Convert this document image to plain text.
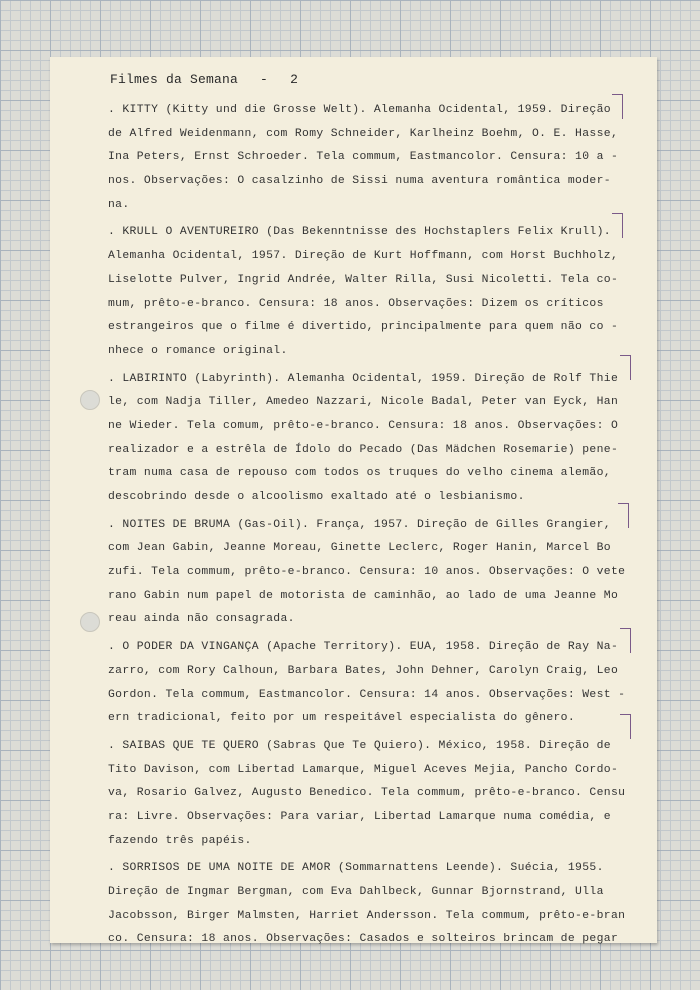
Filmes da Semana - 2
. KITTY (Kitty und die Grosse Welt). Alemanha Ocidental, 1959. Direção
de Alfred Weidenmann, com Romy Schneider, Karlheinz Boehm, O. E. Hasse,
Ina Peters, Ernst Schroeder. Tela commum, Eastmancolor. Censura: 10 a -
nos. Observações: O casalzinho de Sissi numa aventura romântica moder-
na.
. KRULL O AVENTUREIRO (Das Bekenntnisse des Hochstaplers Felix Krull).
Alemanha Ocidental, 1957. Direção de Kurt Hoffmann, com Horst Buchholz,
Liselotte Pulver, Ingrid Andrée, Walter Rilla, Susi Nicoletti. Tela co-
mum, prêto-e-branco. Censura: 18 anos. Observações: Dizem os críticos
estrangeiros que o filme é divertido, principalmente para quem não co -
nhece o romance original.
. LABIRINTO (Labyrinth). Alemanha Ocidental, 1959. Direção de Rolf Thie
le, com Nadja Tiller, Amedeo Nazzari, Nicole Badal, Peter van Eyck, Han
ne Wieder. Tela comum, prêto-e-branco. Censura: 18 anos. Observações: O
realizador e a estrêla de Ídolo do Pecado (Das Mädchen Rosemarie) pene-
tram numa casa de repouso com todos os truques do velho cinema alemão,
descobrindo desde o alcoolismo exaltado até o lesbianismo.
. NOITES DE BRUMA (Gas-Oil). França, 1957. Direção de Gilles Grangier,
com Jean Gabin, Jeanne Moreau, Ginette Leclerc, Roger Hanin, Marcel Bo
zufi. Tela commum, prêto-e-branco. Censura: 10 anos. Observações: O vete
rano Gabin num papel de motorista de caminhão, ao lado de uma Jeanne Mo
reau ainda não consagrada.
. O PODER DA VINGANÇA (Apache Territory). EUA, 1958. Direção de Ray Na-
zarro, com Rory Calhoun, Barbara Bates, John Dehner, Carolyn Craig, Leo
Gordon. Tela commum, Eastmancolor. Censura: 14 anos. Observações: West -
ern tradicional, feito por um respeitável especialista do gênero.
. SAIBAS QUE TE QUERO (Sabras Que Te Quiero). México, 1958. Direção de
Tito Davison, com Libertad Lamarque, Miguel Aceves Mejia, Pancho Cordo-
va, Rosario Galvez, Augusto Benedico. Tela commum, prêto-e-branco. Censu
ra: Livre. Observações: Para variar, Libertad Lamarque numa comédia, e
fazendo três papéis.
. SORRISOS DE UMA NOITE DE AMOR (Sommarnattens Leende). Suécia, 1955.
Direção de Ingmar Bergman, com Eva Dahlbeck, Gunnar Bjornstrand, Ulla
Jacobsson, Birger Malmsten, Harriet Andersson. Tela commum, prêto-e-bran
co. Censura: 18 anos. Observações: Casados e solteiros brincam de pegar
